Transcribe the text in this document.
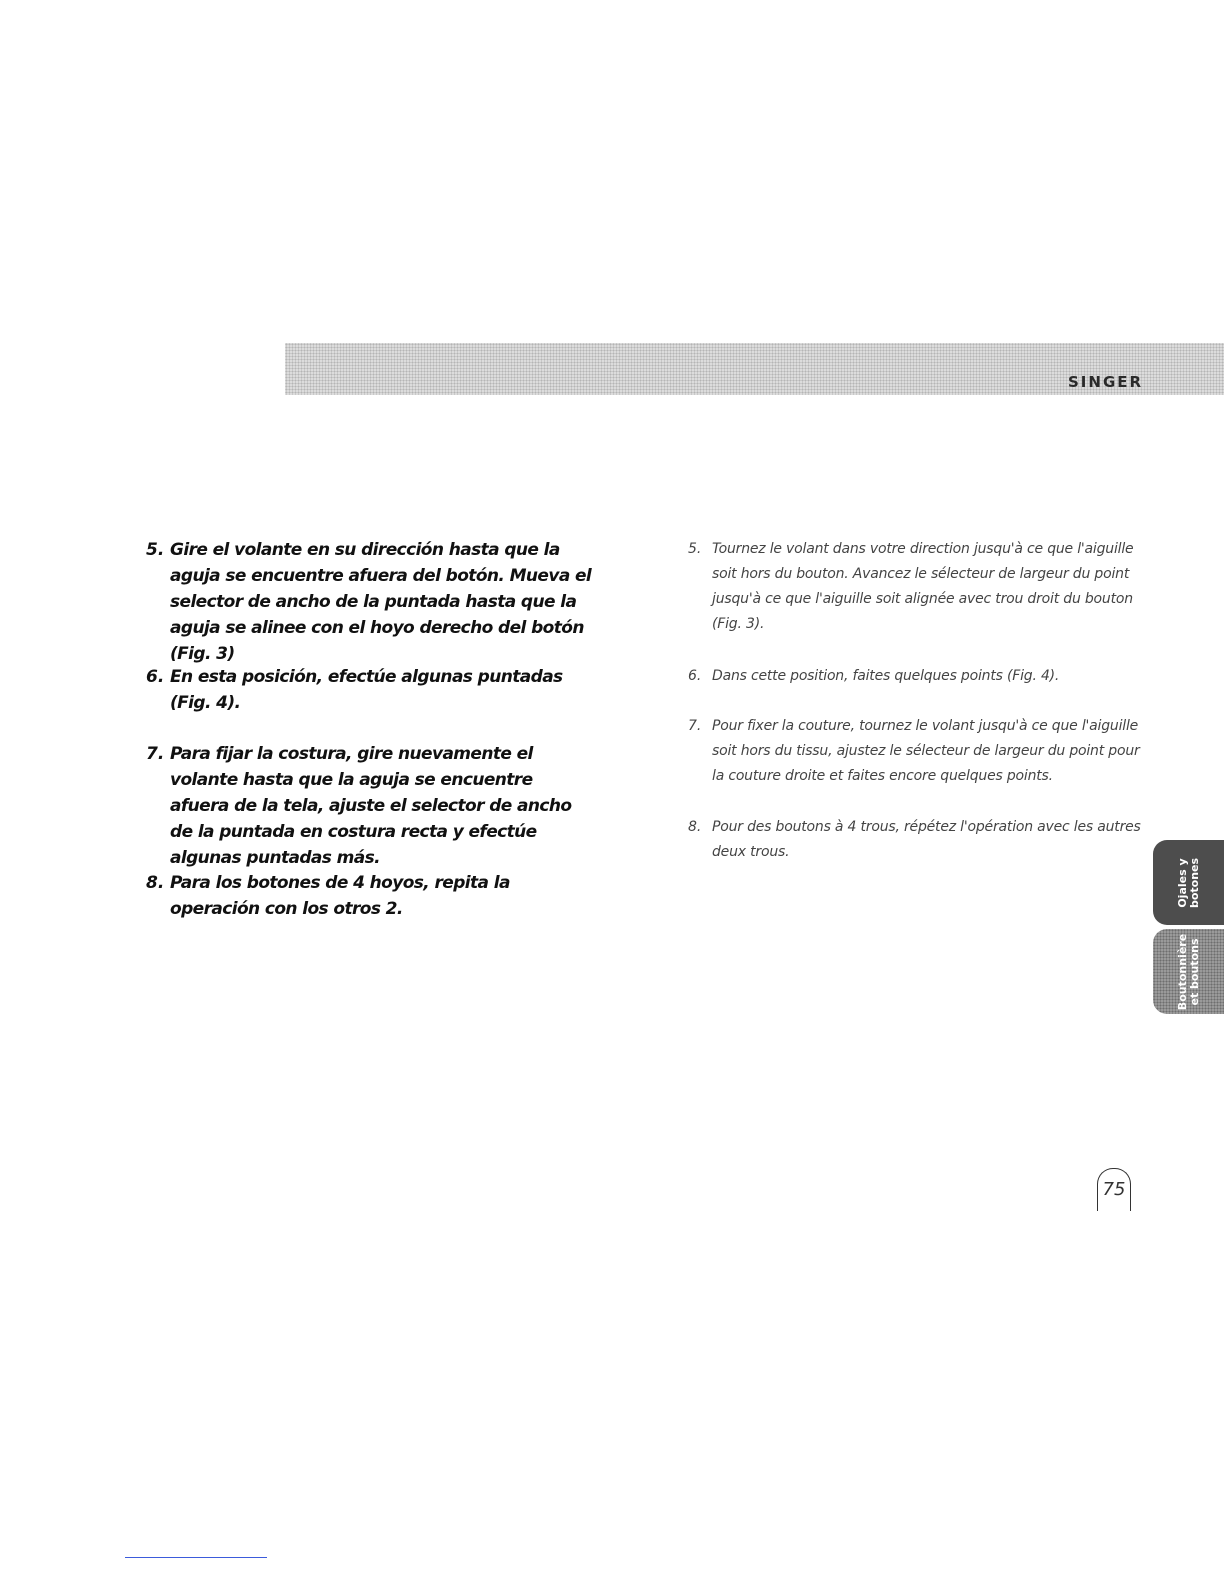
SINGER
5. Gire el volante en su dirección hasta que la aguja se encuentre afuera del botón. Mueva el selector de ancho de la puntada hasta que la aguja se alinee con el hoyo derecho del botón (Fig. 3)
6. En esta posición, efectúe algunas puntadas (Fig. 4).
7. Para fijar la costura, gire nuevamente el volante hasta que la aguja se encuentre afuera de la tela, ajuste el selector de ancho de la puntada en costura recta y efectúe algunas puntadas más.
8. Para los botones de 4 hoyos, repita la operación con los otros 2.
5. Tournez le volant dans votre direction jusqu'à ce que l'aiguille soit hors du bouton. Avancez le sélecteur de largeur du point jusqu'à ce que l'aiguille soit alignée avec trou droit du bouton (Fig. 3).
6. Dans cette position, faites quelques points (Fig. 4).
7. Pour fixer la couture, tournez le volant jusqu'à ce que l'aiguille soit hors du tissu, ajustez le sélecteur de largeur du point pour la couture droite et faites encore quelques points.
8. Pour des boutons à 4 trous, répétez l'opération avec les autres deux trous.
Ojales y botones
Boutonnière et boutons
75
